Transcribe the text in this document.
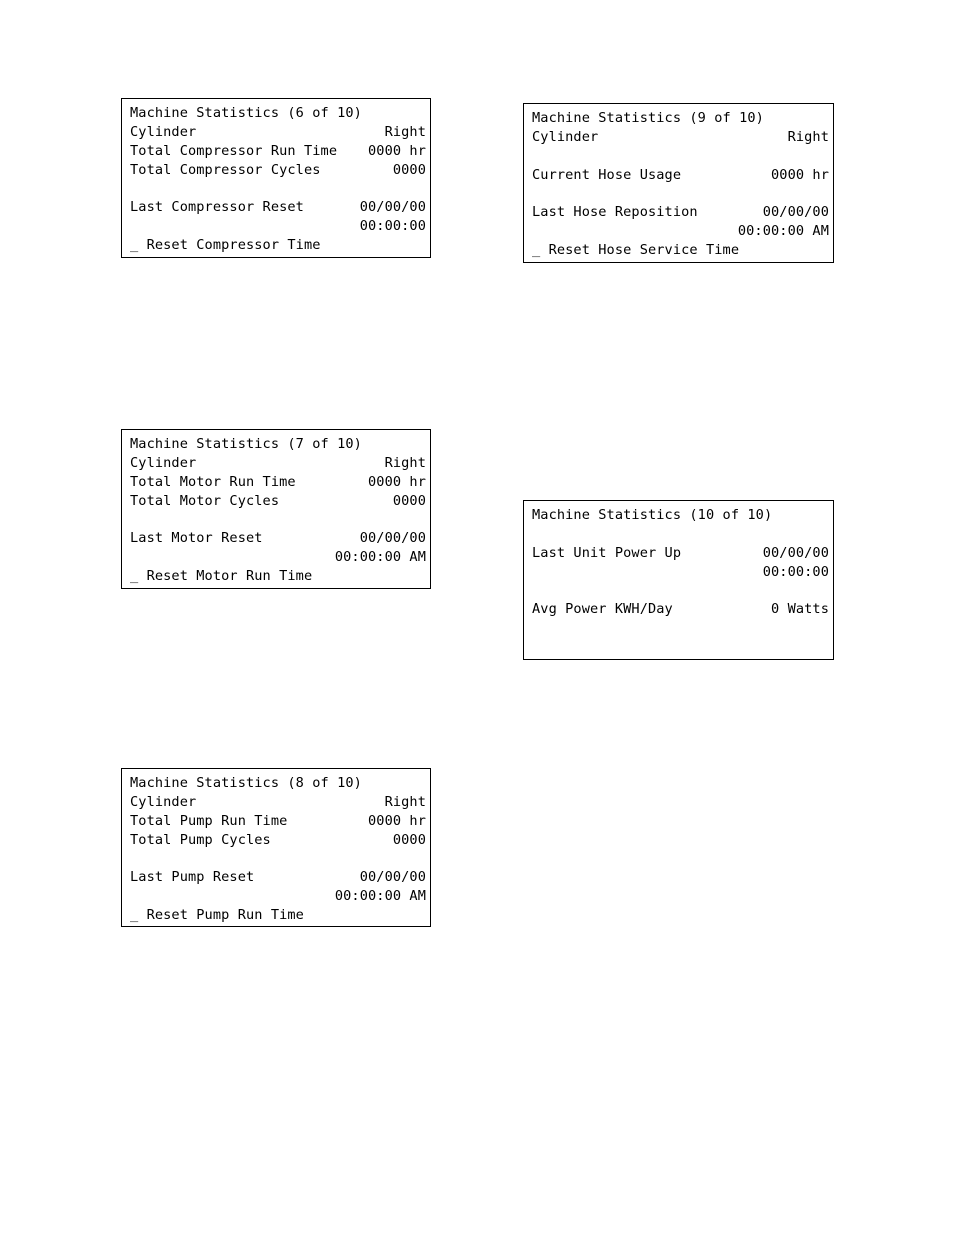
Machine Statistics (6 of 10)
Cylinder	Right
Total Compressor Run Time 0000 hr
Total Compressor Cycles	0000
Last Compressor Reset	00/00/00
00:00:00
_ Reset Compressor Time
Machine Statistics (7 of 10)
Cylinder	Right
Total Motor Run Time	0000 hr
Total Motor Cycles	0000
Last Motor Reset	00/00/00
00:00:00 AM
_ Reset Motor Run Time
Machine Statistics (8 of 10)
Cylinder	Right
Total Pump Run Time	0000 hr
Total Pump Cycles	0000
Last Pump Reset	00/00/00
00:00:00 AM
_ Reset Pump Run Time
Machine Statistics (9 of 10)
Cylinder	Right
Current Hose Usage	0000 hr
Last Hose Reposition	00/00/00
00:00:00 AM
_ Reset Hose Service Time
Machine Statistics (10 of 10)
Last Unit Power Up	00/00/00
00:00:00
Avg Power KWH/Day	0 Watts
